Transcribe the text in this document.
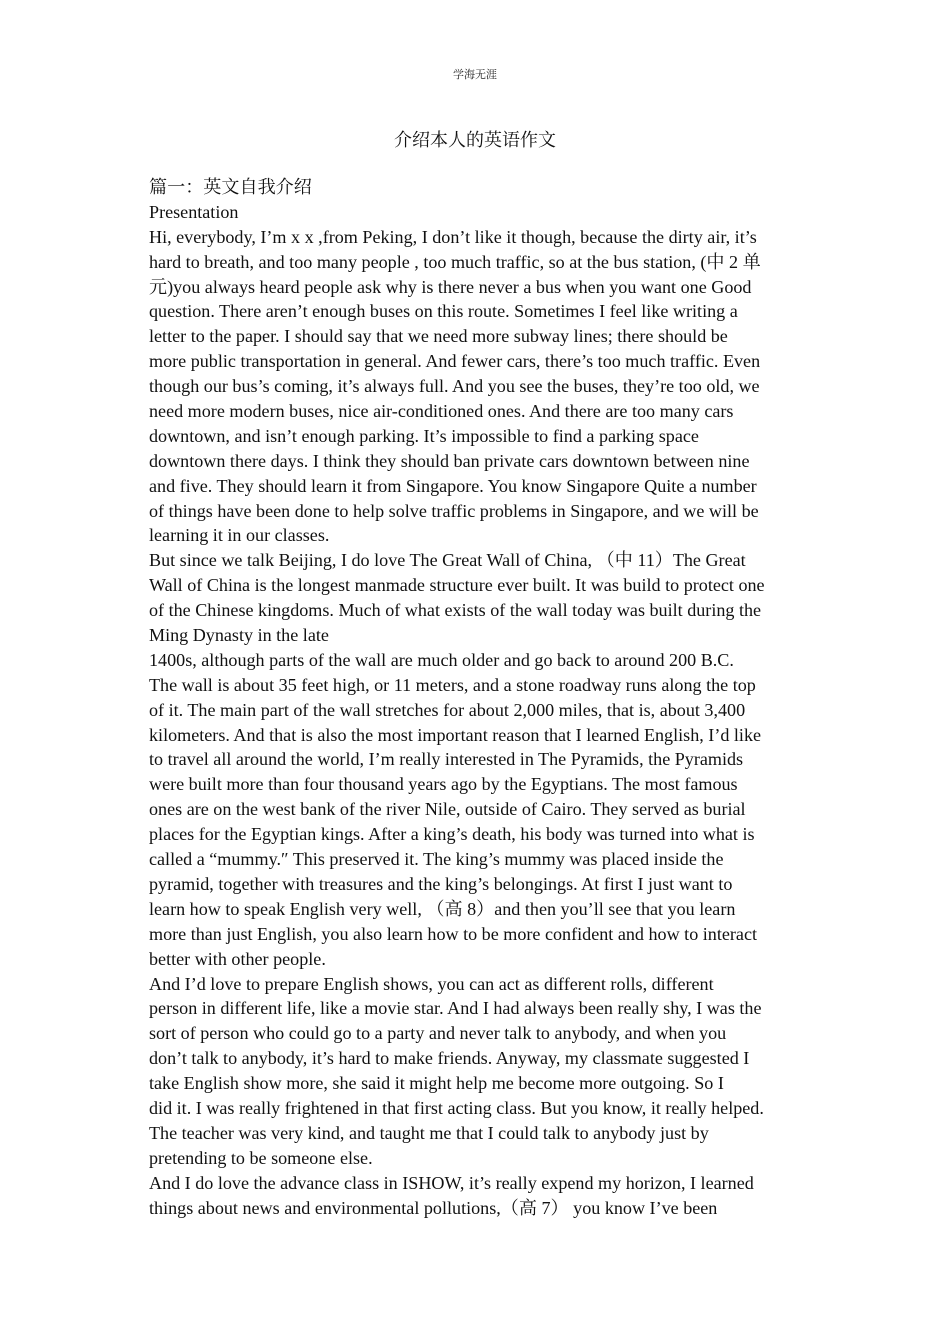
学海无涯
介绍本人的英语作文
篇一：英文自我介绍
Presentation
Hi, everybody, I’m x x ,from Peking, I don’t like it though, because the dirty air, it’s
hard to breath, and too many people , too much traffic, so at the bus station, (中 2 单
元)you always heard people ask why is there never a bus when you want one Good
question. There aren’t enough buses on this route. Sometimes I feel like writing a
letter to the paper. I should say that we need more subway lines; there should be
more public transportation in general. And fewer cars, there’s too much traffic. Even
though our bus’s coming, it’s always full. And you see the buses, they’re too old, we
need more modern buses, nice air-conditioned ones. And there are too many cars
downtown, and isn’t enough parking. It’s impossible to find a parking space
downtown there days. I think they should ban private cars downtown between nine
and five. They should learn it from Singapore. You know Singapore Quite a number
of things have been done to help solve traffic problems in Singapore, and we will be
learning it in our classes.
But since we talk Beijing, I do love The Great Wall of China, （中 11）The Great
Wall of China is the longest manmade structure ever built. It was build to protect one
of the Chinese kingdoms. Much of what exists of the wall today was built during the
Ming Dynasty in the late
1400s, although parts of the wall are much older and go back to around 200 B.C.
The wall is about 35 feet high, or 11 meters, and a stone roadway runs along the top
of it. The main part of the wall stretches for about 2,000 miles, that is, about 3,400
kilometers. And that is also the most important reason that I learned English, I’d like
to travel all around the world, I’m really interested in The Pyramids, the Pyramids
were built more than four thousand years ago by the Egyptians. The most famous
ones are on the west bank of the river Nile, outside of Cairo. They served as burial
places for the Egyptian kings. After a king’s death, his body was turned into what is
called a “mummy.″ This preserved it. The king’s mummy was placed inside the
pyramid, together with treasures and the king’s belongings. At first I just want to
learn how to speak English very well, （高 8）and then you’ll see that you learn
more than just English, you also learn how to be more confident and how to interact
better with other people.
And I’d love to prepare English shows, you can act as different rolls, different
person in different life, like a movie star. And I had always been really shy, I was the
sort of person who could go to a party and never talk to anybody, and when you
don’t talk to anybody, it’s hard to make friends. Anyway, my classmate suggested I
take English show more, she said it might help me become more outgoing. So I
did it. I was really frightened in that first acting class. But you know, it really helped.
The teacher was very kind, and taught me that I could talk to anybody just by
pretending to be someone else.
And I do love the advance class in ISHOW, it’s really expend my horizon, I learned
things about news and environmental pollutions,（高 7） you know I’ve been
